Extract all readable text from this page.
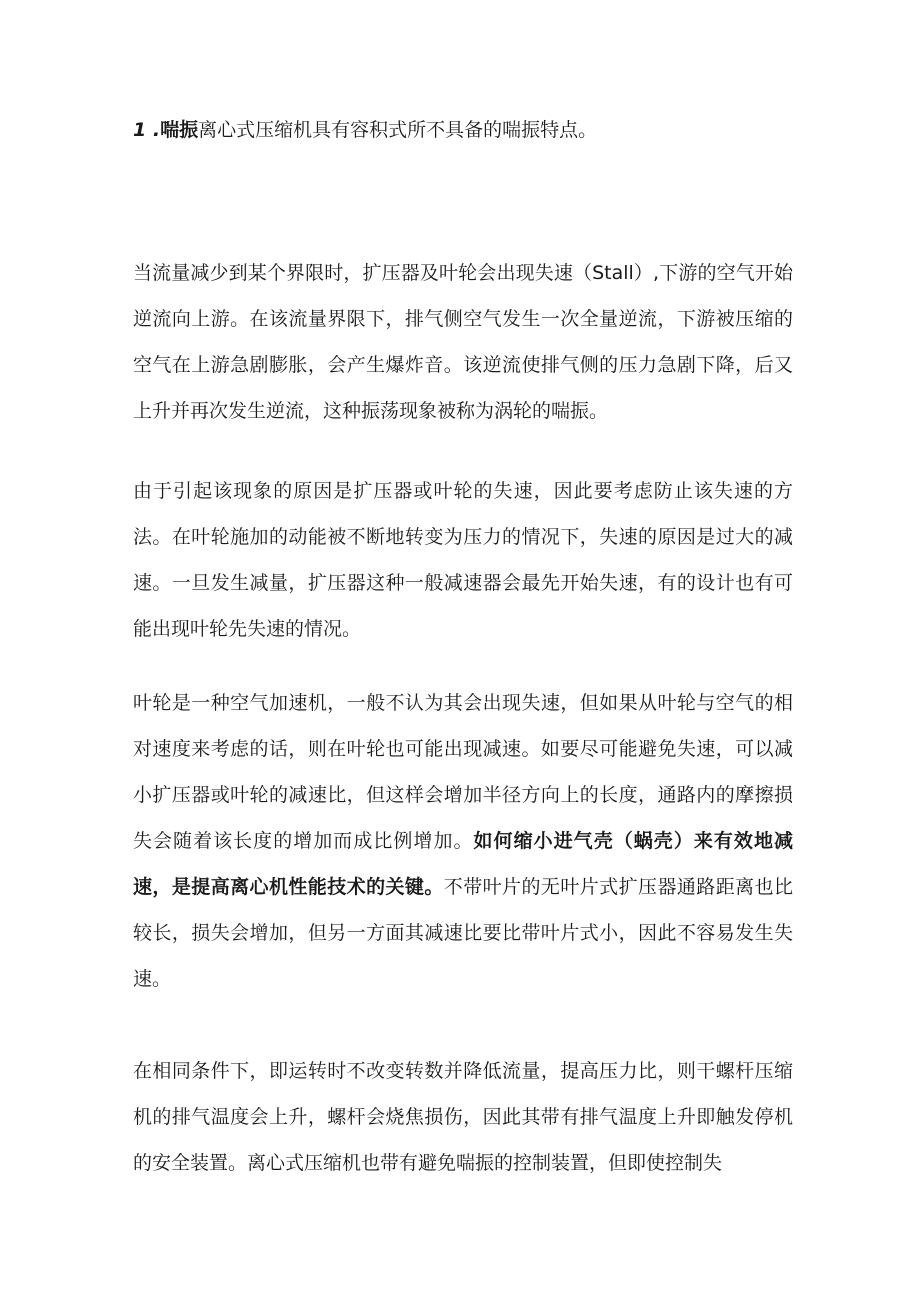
1 .喘振离心式压缩机具有容积式所不具备的喘振特点。

当流量减少到某个界限时，扩压器及叶轮会出现失速（Stall）,下游的空气开始逆流向上游。在该流量界限下，排气侧空气发生一次全量逆流，下游被压缩的空气在上游急剧膨胀，会产生爆炸音。该逆流使排气侧的压力急剧下降，后又上升并再次发生逆流，这种振荡现象被称为涡轮的喘振。

由于引起该现象的原因是扩压器或叶轮的失速，因此要考虑防止该失速的方法。在叶轮施加的动能被不断地转变为压力的情况下，失速的原因是过大的减速。一旦发生减量，扩压器这种一般减速器会最先开始失速，有的设计也有可能出现叶轮先失速的情况。

叶轮是一种空气加速机，一般不认为其会出现失速，但如果从叶轮与空气的相对速度来考虑的话，则在叶轮也可能出现减速。如要尽可能避免失速，可以减小扩压器或叶轮的减速比，但这样会增加半径方向上的长度，通路内的摩擦损失会随着该长度的增加而成比例增加。如何缩小进气壳（蜗壳）来有效地减速，是提高离心机性能技术的关键。不带叶片的无叶片式扩压器通路距离也比较长，损失会增加，但另一方面其减速比要比带叶片式小，因此不容易发生失速。

在相同条件下，即运转时不改变转数并降低流量，提高压力比，则干螺杆压缩机的排气温度会上升，螺杆会烧焦损伤，因此其带有排气温度上升即触发停机的安全装置。离心式压缩机也带有避免喘振的控制装置，但即使控制失
